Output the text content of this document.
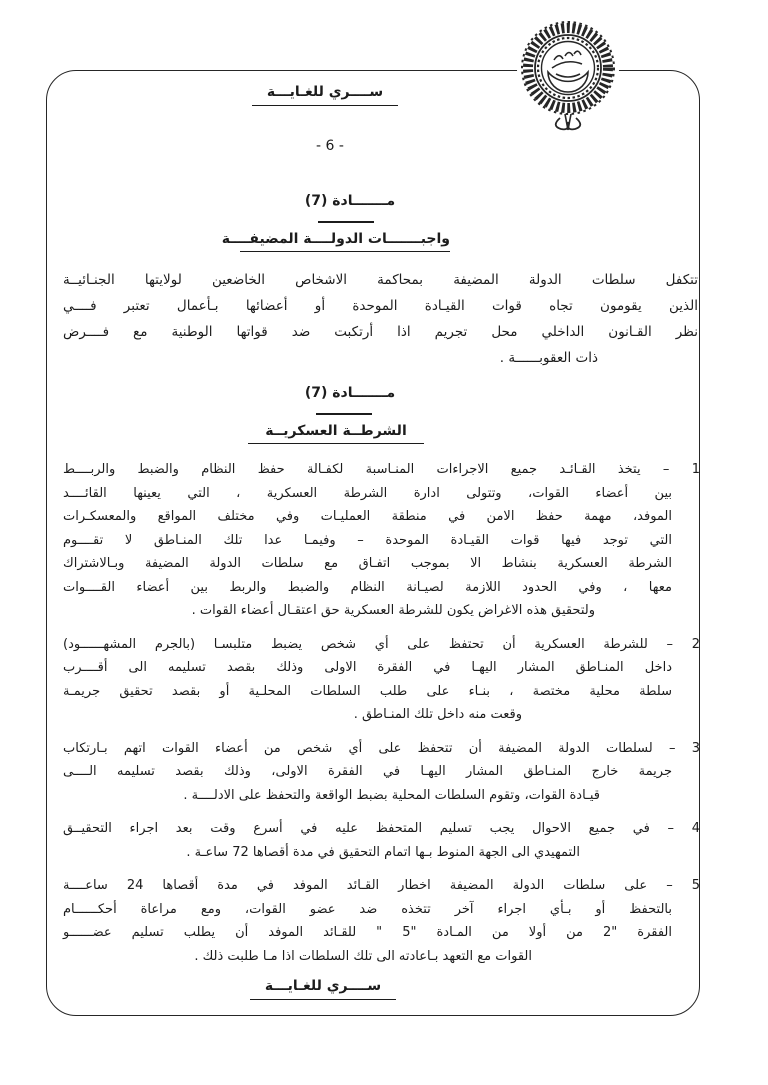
ســــري للغـايـــة
- 6 -
مـــــــادة (7)
واجبـــــــات الدولــــة المضيفــــة
تتكفل سلطات الدولة المضيفة بمحاكمة الاشخاص الخاضعين لولايتها الجنـائيــة
الذين يقومون تجاه قوات القيـادة الموحدة أو أعضائها بـأعمال تعتبر فــــي
نظر القـانون الداخلي محل تجريم اذا أرتكبت ضد قواتها الوطنية مع فــــرض
ذات العقوبــــــة .
مـــــــادة (7)
الشرطــة العسكريــة
1 – يتخذ القـائـد جميع الاجراءات المنـاسبة لكفـالة حفظ النظام والضبط والربــــط
بين أعضاء القوات، وتتولى ادارة الشرطة العسكرية ، التي يعينها القائــــد
الموفد، مهمة حفظ الامن في منطقة العمليـات وفي مختلف المواقع والمعسكـرات
التي توجد فيها قوات القيـادة الموحدة – وفيمـا عدا تلك المنـاطق لا تقــــوم
الشرطة العسكرية بنشاط الا بموجب اتفـاق مع سلطات الدولة المضيفة وبـالاشتراك
معها ، وفي الحدود اللازمة لصيـانة النظام والضبط والربط بين أعضاء القــــوات
ولتحقيق هذه الاغراض يكون للشرطة العسكرية حق اعتقـال أعضاء القوات .
2 – للشرطة العسكرية أن تحتفظ على أي شخص يضبط متلبسـا (بالجرم المشهــــــود)
داخل المنـاطق المشار اليهـا في الفقرة الاولى وذلك بقصد تسليمه الى أقــــرب
سلطة محلية مختصة ، بنـاء على طلب السلطات المحلـية أو بقصد تحقيق جريمـة
وقعت منه داخل تلك المنـاطق .
3 – لسلطات الدولة المضيفة أن تتحفظ على أي شخص من أعضاء القوات اتهم بـارتكاب
جريمة خارج المنـاطق المشار اليهـا في الفقرة الاولى، وذلك بقصد تسليمه الــــى
قيـادة القوات، وتقوم السلطات المحلية بضبط الواقعة والتحفظ على الادلــــة .
4 – في جميع الاحوال يجب تسليم المتحفظ عليه في أسرع وقت بعد اجراء التحقيــق
التمهيدي الى الجهة المنوط بـها اتمام التحقيق في مدة أقصاها 72 ساعـة .
5 – على سلطات الدولة المضيفة اخطار القـائد الموفد في مدة أقصاها 24 ساعــــة
بالتحفظ أو بـأي اجراء آخر تتخذه ضد عضو القوات، ومع مراعاة أحكــــــام
الفقرة "2 من أولا من المـادة "5 " للقـائد الموفد أن يطلب تسليم عضــــــو
القوات مع التعهد بـاعادته الى تلك السلطات اذا مـا طلبت ذلك .
ســــري للغـايـــة
